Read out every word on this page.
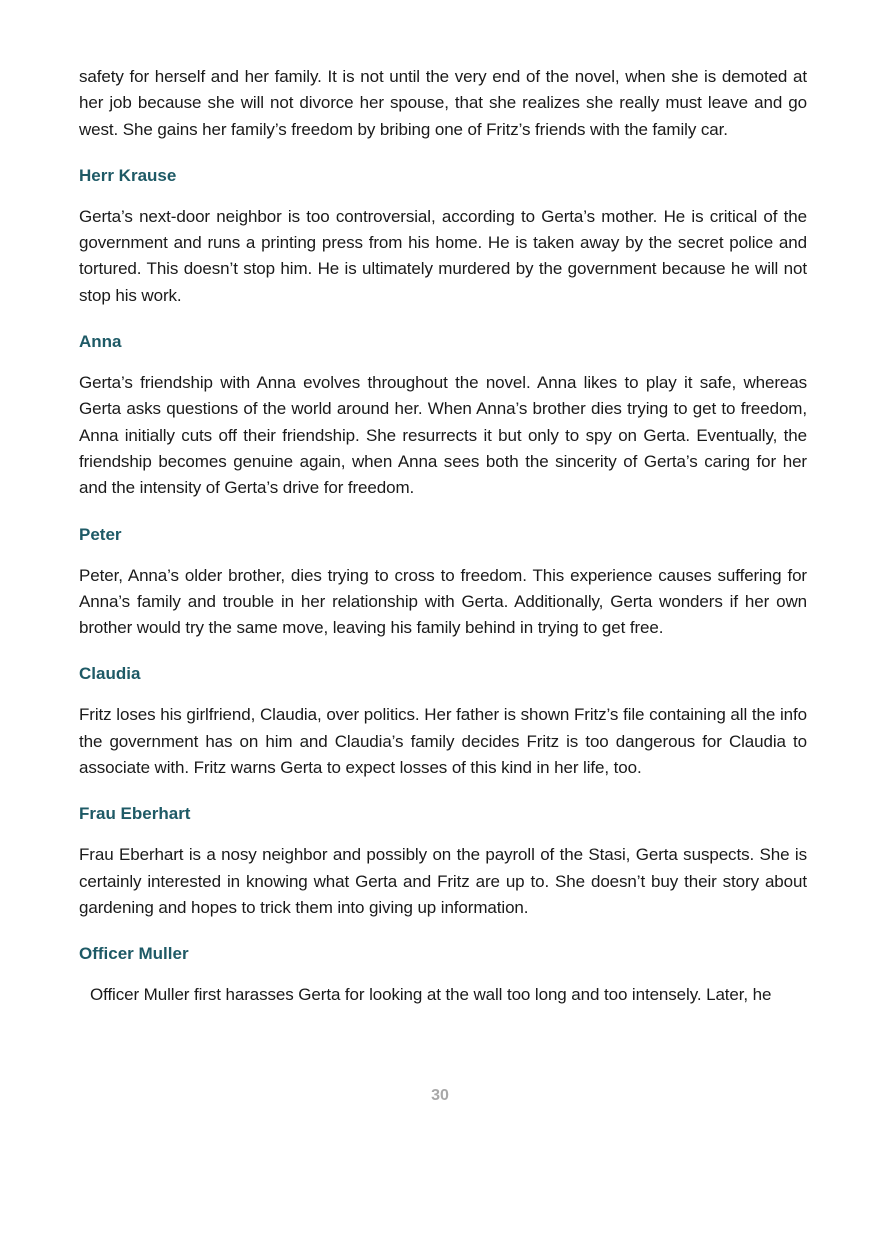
safety for herself and her family. It is not until the very end of the novel, when she is demoted at her job because she will not divorce her spouse, that she realizes she really must leave and go west. She gains her family’s freedom by bribing one of Fritz’s friends with the family car.

Herr Krause

Gerta’s next-door neighbor is too controversial, according to Gerta’s mother. He is critical of the government and runs a printing press from his home. He is taken away by the secret police and tortured. This doesn’t stop him. He is ultimately murdered by the government because he will not stop his work.

Anna

Gerta’s friendship with Anna evolves throughout the novel. Anna likes to play it safe, whereas Gerta asks questions of the world around her. When Anna’s brother dies trying to get to freedom, Anna initially cuts off their friendship. She resurrects it but only to spy on Gerta. Eventually, the friendship becomes genuine again, when Anna sees both the sincerity of Gerta’s caring for her and the intensity of Gerta’s drive for freedom.

Peter

Peter, Anna’s older brother, dies trying to cross to freedom. This experience causes suffering for Anna’s family and trouble in her relationship with Gerta. Additionally, Gerta wonders if her own brother would try the same move, leaving his family behind in trying to get free.

Claudia

Fritz loses his girlfriend, Claudia, over politics. Her father is shown Fritz’s file containing all the info the government has on him and Claudia’s family decides Fritz is too dangerous for Claudia to associate with. Fritz warns Gerta to expect losses of this kind in her life, too.

Frau Eberhart

Frau Eberhart is a nosy neighbor and possibly on the payroll of the Stasi, Gerta suspects. She is certainly interested in knowing what Gerta and Fritz are up to. She doesn’t buy their story about gardening and hopes to trick them into giving up information.

Officer Muller

Officer Muller first harasses Gerta for looking at the wall too long and too intensely. Later, he

30
